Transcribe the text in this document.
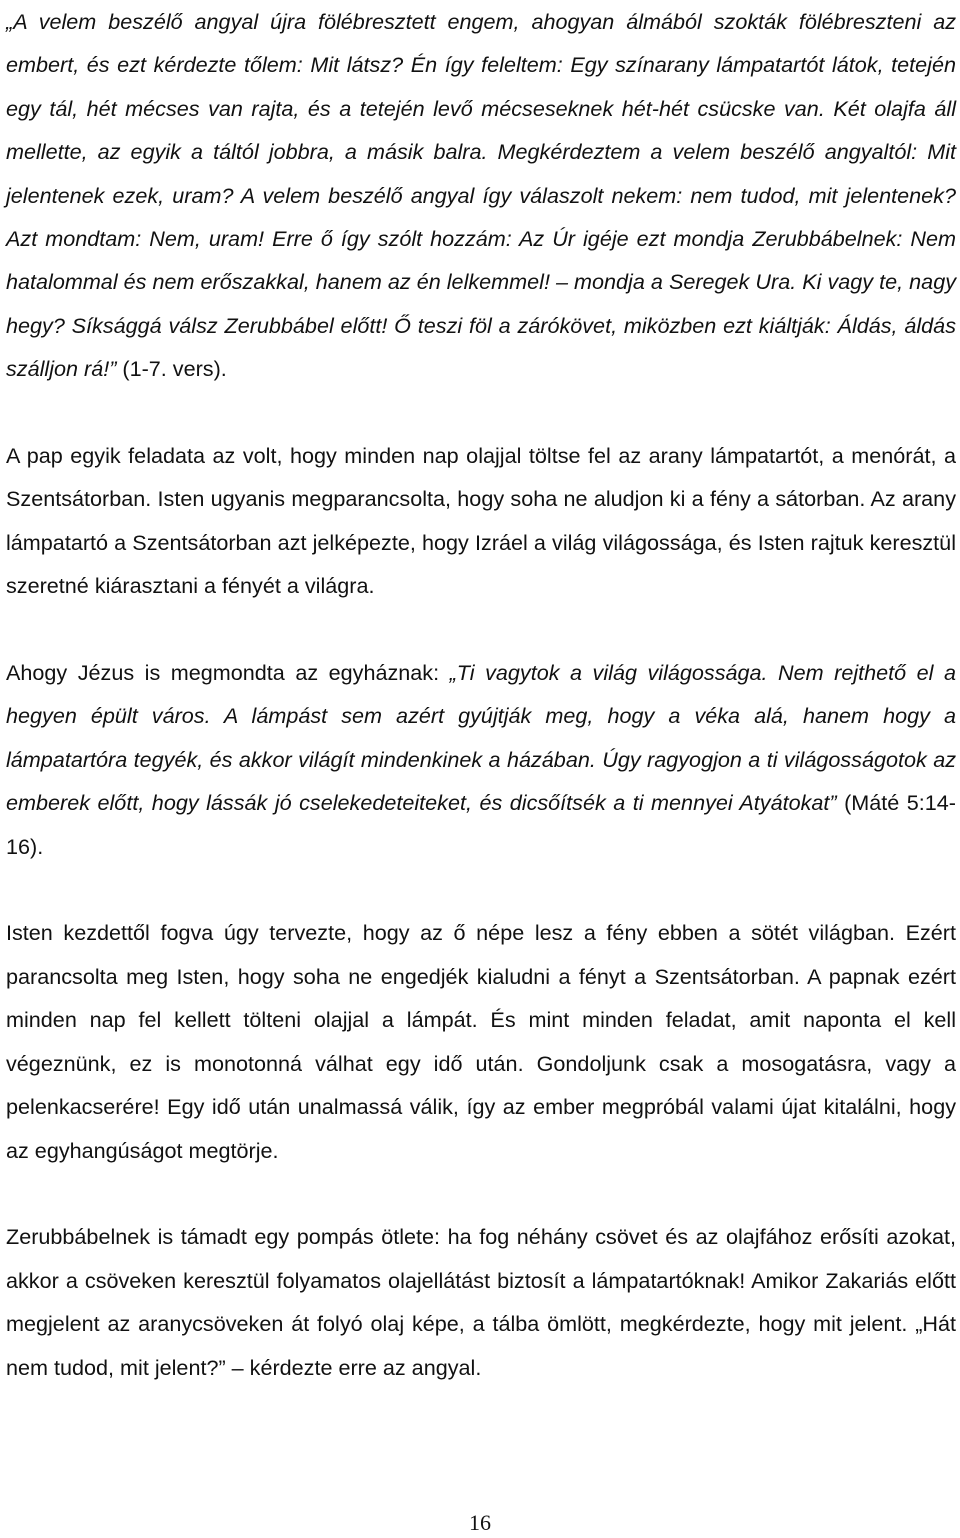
„A velem beszélő angyal újra fölébresztett engem, ahogyan álmából szokták fölébreszteni az embert, és ezt kérdezte tőlem: Mit látsz? Én így feleltem: Egy színarany lámpatartót látok, tetején egy tál, hét mécses van rajta, és a tetején levő mécseseknek hét-hét csücske van. Két olajfa áll mellette, az egyik a táltól jobbra, a másik balra. Megkérdeztem a velem beszélő angyaltól: Mit jelentenek ezek, uram? A velem beszélő angyal így válaszolt nekem: nem tudod, mit jelentenek? Azt mondtam: Nem, uram! Erre ő így szólt hozzám: Az Úr igéje ezt mondja Zerubbábelnek: Nem hatalommal és nem erőszakkal, hanem az én lelkemmel! – mondja a Seregek Ura. Ki vagy te, nagy hegy? Síksággá válsz Zerubbábel előtt! Ő teszi föl a zárókövet, miközben ezt kiáltják: Áldás, áldás szálljon rá!” (1-7. vers).

A pap egyik feladata az volt, hogy minden nap olajjal töltse fel az arany lámpatartót, a menórát, a Szentsátorban. Isten ugyanis megparancsolta, hogy soha ne aludjon ki a fény a sátorban. Az arany lámpatartó a Szentsátorban azt jelképezte, hogy Izráel a világ világossága, és Isten rajtuk keresztül szeretné kiárasztani a fényét a világra.

Ahogy Jézus is megmondta az egyháznak: „Ti vagytok a világ világossága. Nem rejthető el a hegyen épült város. A lámpást sem azért gyújtják meg, hogy a véka alá, hanem hogy a lámpatartóra tegyék, és akkor világít mindenkinek a házában. Úgy ragyogjon a ti világosságotok az emberek előtt, hogy lássák jó cselekedeteiteket, és dicsőítsék a ti mennyei Atyátokat” (Máté 5:14-16).

Isten kezdettől fogva úgy tervezte, hogy az ő népe lesz a fény ebben a sötét világban. Ezért parancsolta meg Isten, hogy soha ne engedjék kialudni a fényt a Szentsátorban. A papnak ezért minden nap fel kellett tölteni olajjal a lámpát. És mint minden feladat, amit naponta el kell végeznünk, ez is monotonná válhat egy idő után. Gondoljunk csak a mosogatásra, vagy a pelenkacserére! Egy idő után unalmassá válik, így az ember megpróbál valami újat kitalálni, hogy az egyhangúságot megtörje.

Zerubbábelnek is támadt egy pompás ötlete: ha fog néhány csövet és az olajfához erősíti azokat, akkor a csöveken keresztül folyamatos olajellátást biztosít a lámpatartóknak! Amikor Zakariás előtt megjelent az aranycsöveken át folyó olaj képe, a tálba ömlött, megkérdezte, hogy mit jelent. „Hát nem tudod, mit jelent?” – kérdezte erre az angyal.

16
